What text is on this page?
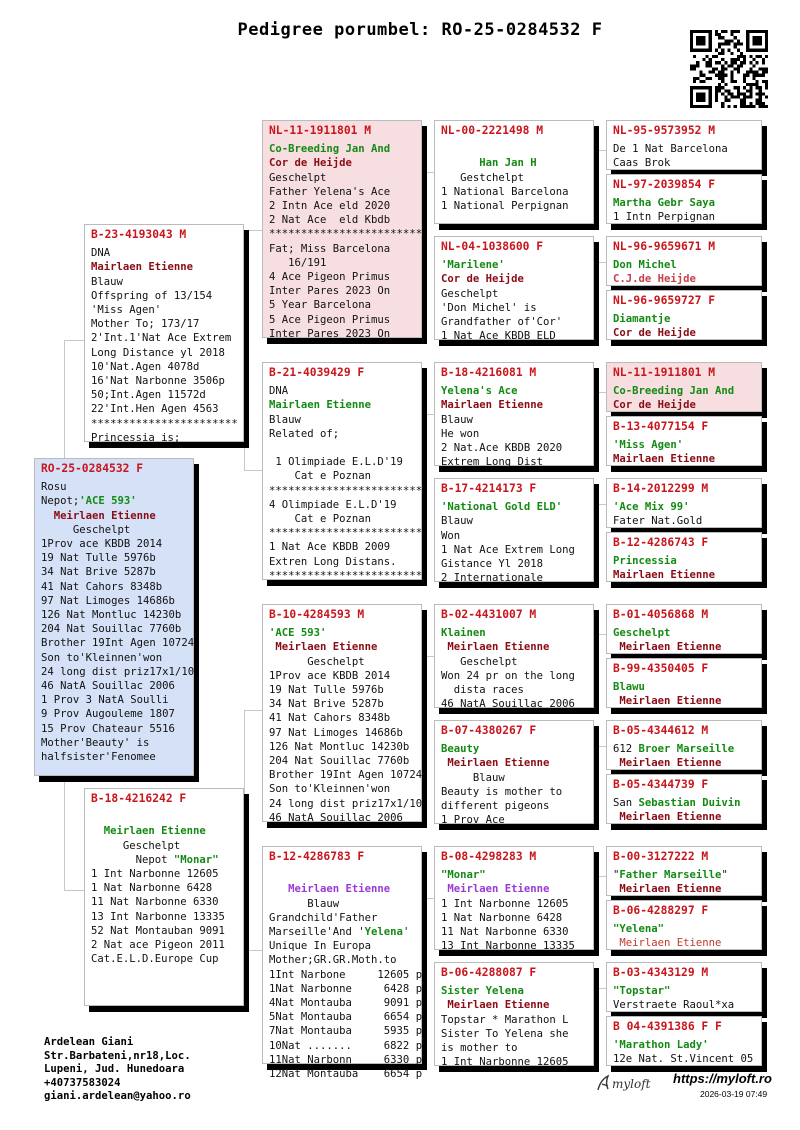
Pedigree porumbel: RO-25-0284532 F
RO-25-0284532 F
Rosu
Nepot;'ACE 593'
Meirlaen Etienne
Geschelpt
1Prov ace KBDB 2014
19 Nat Tulle 5976b
34 Nat Brive 5287b
41 Nat Cahors 8348b
97 Nat Limoges 14686b
126 Nat Montluc 14230b
204 Nat Souillac 7760b
Brother 19Int Agen 10724
Son to'Kleinnen'won
24 long dist priz17x1/10
46 NatA Souillac 2006
1 Prov 3 NatA Soulli
9 Prov Augouleme 1807
15 Prov Chateaur 5516
Mother'Beauty' is
halfsister'Fenomee
B-23-4193043 M
DNA
Mairlaen Etienne
Blauw
Offspring of 13/154
'Miss Agen'
Mother To; 173/17
2'Int.1'Nat Ace Extrem
Long Distance yl 2018
10'Nat.Agen 4078d
16'Nat Narbonne 3506p
50;Int.Agen 11572d
22'Int.Hen Agen 4563
***********************
Princessia is;
B-18-4216242 F

Meirlaen Etienne
Geschelpt
Nepot "Monar"
1 Int Narbonne 12605
1 Nat Narbonne 6428
11 Nat Narbonne 6330
13 Int Narbonne 13335
52 Nat Montauban 9091
2 Nat ace Pigeon 2011
Cat.E.L.D.Europe Cup
NL-11-1911801 M
Co-Breeding Jan And
Cor de Heijde
Geschelpt
Father Yelena's Ace
2 Intn Ace eld 2020
2 Nat Ace  eld Kbdb
************************
Fat; Miss Barcelona
16/191
4 Ace Pigeon Primus
Inter Pares 2023 On
5 Year Barcelona
5 Ace Pigeon Primus
Inter Pares 2023 On
B-21-4039429 F
DNA
Mairlaen Etienne
Blauw
Related of;

1 Olimpiade E.L.D'19
Cat e Poznan
************************
4 Olimpiade E.L.D'19
Cat e Poznan
************************
1 Nat Ace KBDB 2009
Extren Long Distans.
************************
B-10-4284593 M
'ACE 593'
Meirlaen Etienne
Geschelpt
1Prov ace KBDB 2014
19 Nat Tulle 5976b
34 Nat Brive 5287b
41 Nat Cahors 8348b
97 Nat Limoges 14686b
126 Nat Montluc 14230b
204 Nat Souillac 7760b
Brother 19Int Agen 10724
Son to'Kleinnen'won
24 long dist priz17x1/10
46 NatA Souillac 2006
B-12-4286783 F

Meirlaen Etienne
Blauw
Grandchild'Father
Marseille'And 'Yelena'
Unique In Europa
Mother;GR.GR.Moth.to
1Int Narbone     12605 p
1Nat Narbonne     6428 p
4Nat Montauba     9091 p
5Nat Montauba     6654 p
7Nat Montauba     5935 p
10Nat .......     6822 p
11Nat Narbonn     6330 p
12Nat Montauba    6654 p
NL-00-2221498 M

Han Jan H
Gestchelpt
1 National Barcelona
1 National Perpignan
NL-04-1038600 F
'Marilene'
Cor de Heijde
Geschelpt
'Don Michel' is
Grandfather of'Cor'
1 Nat Ace KBDB ELD
B-18-4216081 M
Yelena's Ace
Mairlaen Etienne
Blauw
He won
2 Nat.Ace KBDB 2020
Extrem Long Dist
B-17-4214173 F
'National Gold ELD'
Blauw
Won
1 Nat Ace Extrem Long
Gistance Yl 2018
2 Internationale
B-02-4431007 M
Klainen
Meirlaen Etienne
Geschelpt
Won 24 pr on the long
dista races
46 NatA Souillac 2006
B-07-4380267 F
Beauty
Meirlaen Etienne
Blauw
Beauty is mother to
different pigeons
1 Prov Ace
B-08-4298283 M
"Monar"
Meirlaen Etienne
1 Int Narbonne 12605
1 Nat Narbonne 6428
11 Nat Narbonne 6330
13 Int Narbonne 13335
B-06-4288087 F
Sister Yelena
Meirlaen Etienne
Topstar * Marathon L
Sister To Yelena she
is mother to
1 Int Narbonne 12605
NL-95-9573952 M
De 1 Nat Barcelona
Caas Brok
NL-97-2039854 F
Martha Gebr Saya
1 Intn Perpignan
NL-96-9659671 M
Don Michel
C.J.de Heijde
NL-96-9659727 F
Diamantje
Cor de Heijde
NL-11-1911801 M
Co-Breeding Jan And
Cor de Heijde
B-13-4077154 F
'Miss Agen'
Mairlaen Etienne
B-14-2012299 M
'Ace Mix 99'
Fater Nat.Gold
B-12-4286743 F
Princessia
Mairlaen Etienne
B-01-4056868 M
Geschelpt
Meirlaen Etienne
B-99-4350405 F
Blawu
Meirlaen Etienne
B-05-4344612 M
612 Broer Marseille
Meirlaen Etienne
B-05-4344739 F
San Sebastian Duivin
Meirlaen Etienne
B-00-3127222 M
"Father Marseille"
Meirlaen Etienne
B-06-4288297 F
"Yelena"
Meirlaen Etienne
B-03-4343129 M
"Topstar"
Verstraete Raoul*xa
B 04-4391386 F F
'Marathon Lady'
12e Nat. St.Vincent 05
Ardelean Giani
Str.Barbateni,nr18,Loc.
Lupeni, Jud. Hunedoara
+40737583024
giani.ardelean@yahoo.ro
myloft https://myloft.ro
2026-03-19 07:49
